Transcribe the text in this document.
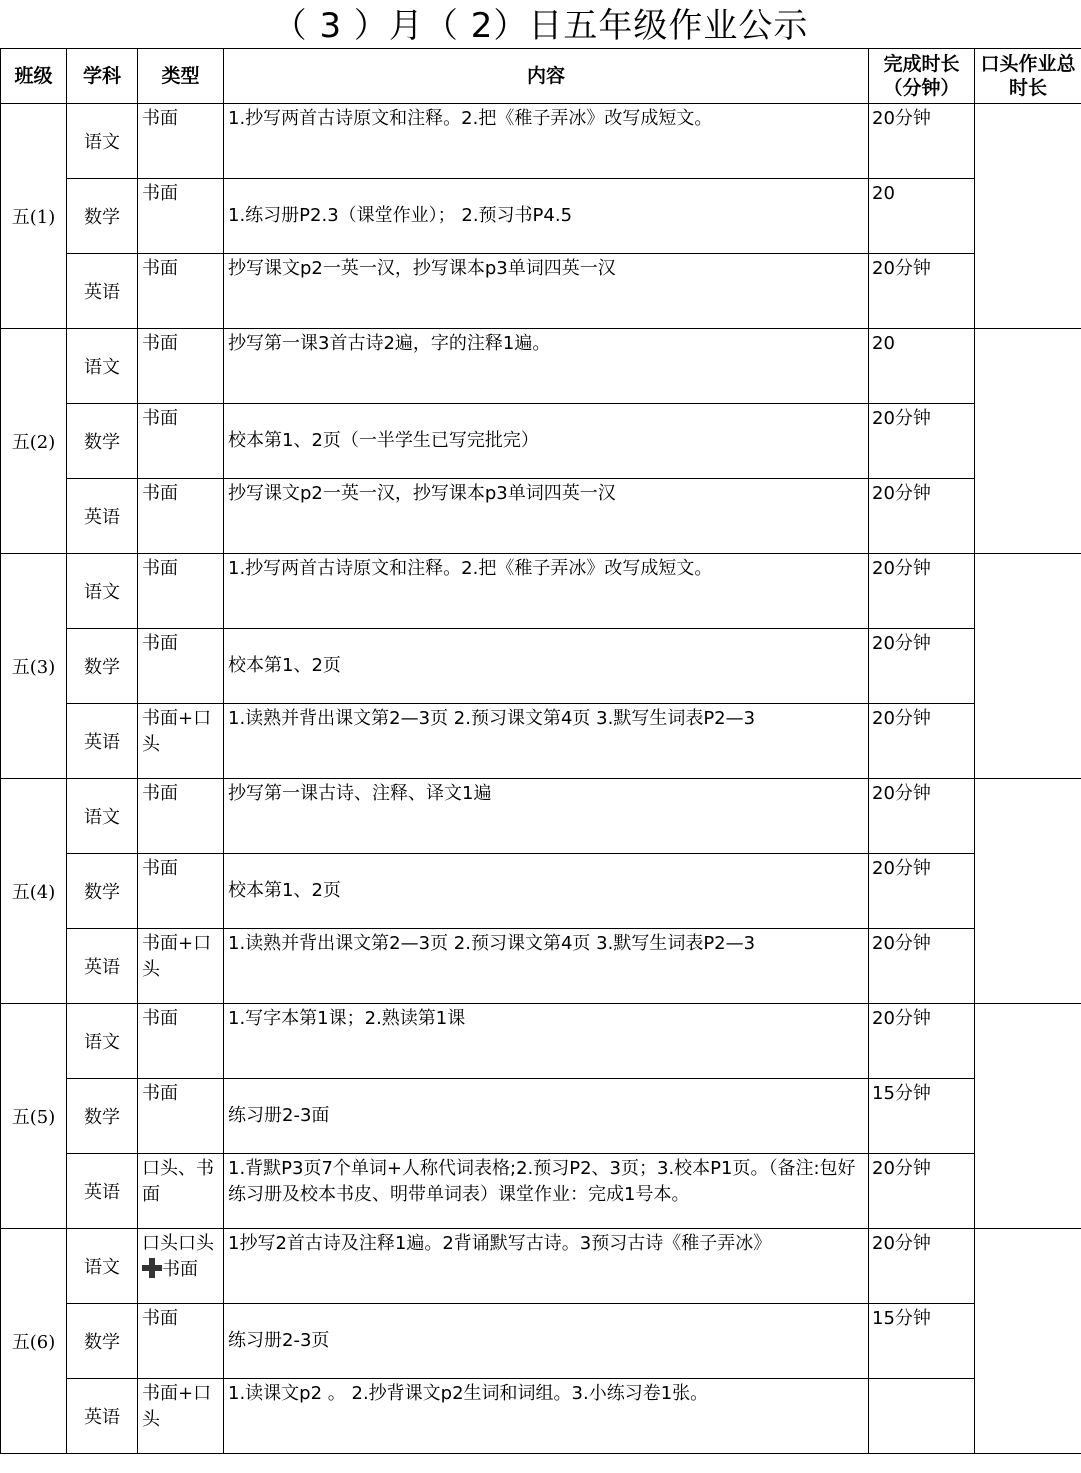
（ 3 ）月（ 2）日五年级作业公示
班级	学科	类型	内容	完成时长（分钟）	口头作业总时长
五(1)	语文	书面	1.抄写两首古诗原文和注释。2.把《稚子弄冰》改写成短文。	20分钟	
	数学	书面	1.练习册P2.3（课堂作业）； 2.预习书P4.5	20	
	英语	书面	抄写课文p2一英一汉，抄写课本p3单词四英一汉	20分钟	
五(2)	语文	书面	抄写第一课3首古诗2遍，字的注释1遍。	20	
	数学	书面	校本第1、2页（一半学生已写完批完）	20分钟	
	英语	书面	抄写课文p2一英一汉，抄写课本p3单词四英一汉	20分钟	
五(3)	语文	书面	1.抄写两首古诗原文和注释。2.把《稚子弄冰》改写成短文。	20分钟	
	数学	书面	校本第1、2页	20分钟	
	英语	书面+口头	1.读熟并背出课文第2—3页 2.预习课文第4页 3.默写生词表P2—3	20分钟	
五(4)	语文	书面	抄写第一课古诗、注释、译文1遍	20分钟	
	数学	书面	校本第1、2页	20分钟	
	英语	书面+口头	1.读熟并背出课文第2—3页 2.预习课文第4页 3.默写生词表P2—3	20分钟	
五(5)	语文	书面	1.写字本第1课；2.熟读第1课	20分钟	
	数学	书面	练习册2-3面	15分钟	
	英语	口头、书面	1.背默P3页7个单词+人称代词表格;2.预习P2、3页；3.校本P1页。（备注:包好练习册及校本书皮、明带单词表）课堂作业：完成1号本。	20分钟	
五(6)	语文	口头口头书面	1抄写2首古诗及注释1遍。2背诵默写古诗。3预习古诗《稚子弄冰》	20分钟	
	数学	书面	练习册2-3页	15分钟	
	英语	书面+口头	1.读课文p2 。 2.抄背课文p2生词和词组。3.小练习卷1张。		
